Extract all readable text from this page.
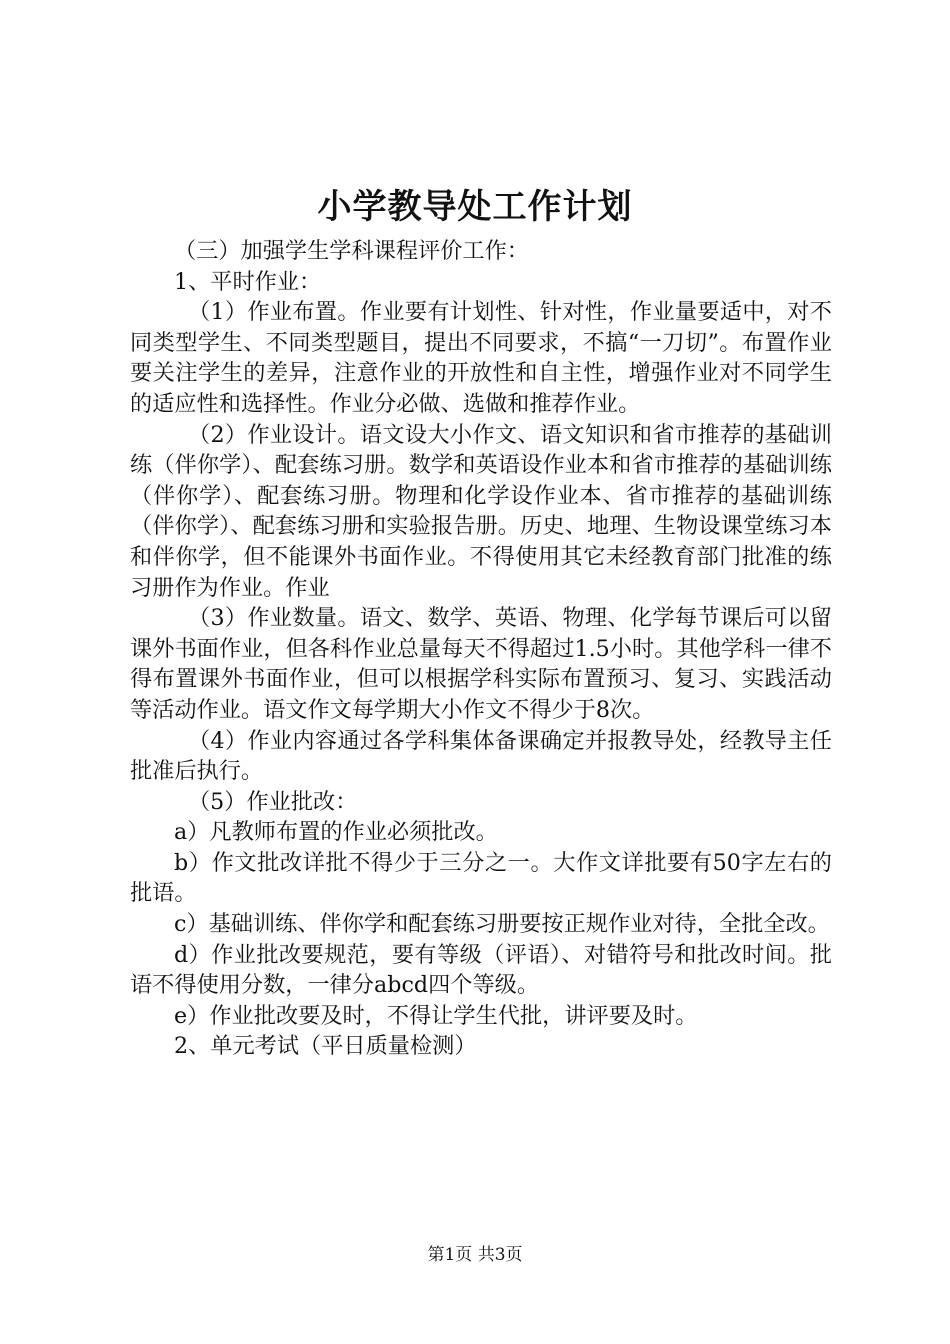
小学教导处工作计划

（三）加强学生学科课程评价工作：

1、平时作业：

（1）作业布置。作业要有计划性、针对性，作业量要适中，对不同类型学生、不同类型题目，提出不同要求，不搞“一刀切”。布置作业要关注学生的差异，注意作业的开放性和自主性，增强作业对不同学生的适应性和选择性。作业分必做、选做和推荐作业。

（2）作业设计。语文设大小作文、语文知识和省市推荐的基础训练（伴你学）、配套练习册。数学和英语设作业本和省市推荐的基础训练（伴你学）、配套练习册。物理和化学设作业本、省市推荐的基础训练（伴你学）、配套练习册和实验报告册。历史、地理、生物设课堂练习本和伴你学，但不能课外书面作业。不得使用其它未经教育部门批准的练习册作为作业。作业

（3）作业数量。语文、数学、英语、物理、化学每节课后可以留课外书面作业，但各科作业总量每天不得超过1.5小时。其他学科一律不得布置课外书面作业，但可以根据学科实际布置预习、复习、实践活动等活动作业。语文作文每学期大小作文不得少于8次。

（4）作业内容通过各学科集体备课确定并报教导处，经教导主任批准后执行。

（5）作业批改：

a）凡教师布置的作业必须批改。

b）作文批改详批不得少于三分之一。大作文详批要有50字左右的批语。

c）基础训练、伴你学和配套练习册要按正规作业对待，全批全改。

d）作业批改要规范，要有等级（评语）、对错符号和批改时间。批语不得使用分数，一律分abcd四个等级。

e）作业批改要及时，不得让学生代批，讲评要及时。

2、单元考试（平日质量检测）

第1页 共3页
